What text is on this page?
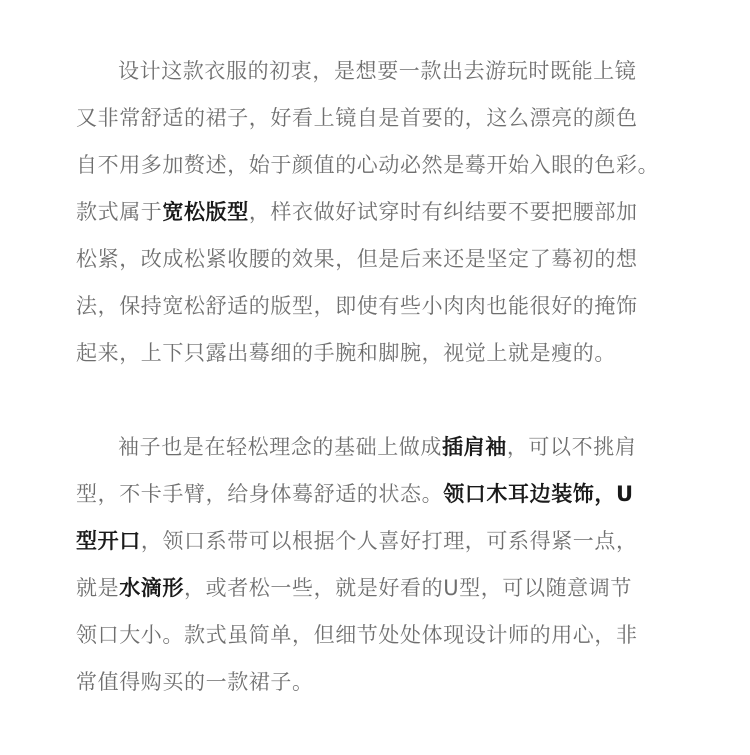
设计这款衣服的初衷，是想要一款出去游玩时既能上镜
又非常舒适的裙子，好看上镜自是首要的，这么漂亮的颜色
自不用多加赘述，始于颜值的心动必然是蓦开始入眼的色彩。
款式属于宽松版型，样衣做好试穿时有纠结要不要把腰部加
松紧，改成松紧收腰的效果，但是后来还是坚定了蓦初的想
法，保持宽松舒适的版型，即使有些小肉肉也能很好的掩饰
起来，上下只露出蓦细的手腕和脚腕，视觉上就是瘦的。
袖子也是在轻松理念的基础上做成插肩袖，可以不挑肩
型，不卡手臂，给身体蓦舒适的状态。领口木耳边装饰，U
型开口，领口系带可以根据个人喜好打理，可系得紧一点，
就是水滴形，或者松一些，就是好看的U型，可以随意调节
领口大小。款式虽简单，但细节处处体现设计师的用心，非
常值得购买的一款裙子。
